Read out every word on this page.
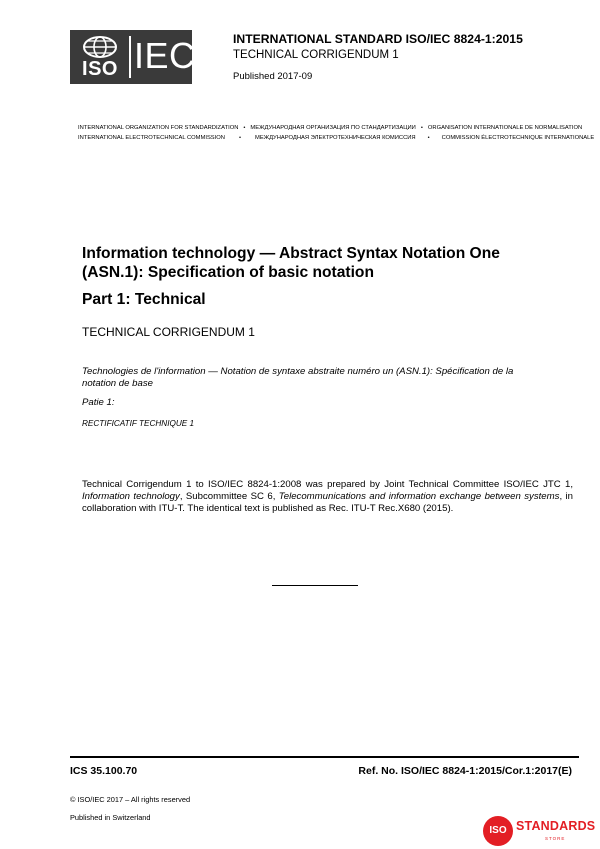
ISO IEC	INTERNATIONAL STANDARD ISO/IEC 8824-1:2015
TECHNICAL CORRIGENDUM 1
Published 2017-09
INTERNATIONAL ORGANIZATION FOR STANDARDIZATION • МЕЖДУНАРОДНАЯ ОРГАНИЗАЦИЯ ПО СТАНДАРТИЗАЦИИ • ORGANISATION INTERNATIONALE DE NORMALISATION
INTERNATIONAL ELECTROTECHNICAL COMMISSION • МЕЖДУНАРОДНАЯ ЭЛЕКТРОТЕХНИЧЕСКАЯ КОМИССИЯ • COMMISSION ÉLECTROTECHNIQUE INTERNATIONALE
Information technology — Abstract Syntax Notation One
(ASN.1): Specification of basic notation
Part 1: Technical
TECHNICAL CORRIGENDUM 1
Technologies de l'information — Notation de syntaxe abstraite numéro un (ASN.1): Spécification de la
notation de base
Patie 1:
RECTIFICATIF TECHNIQUE 1
Technical Corrigendum 1 to ISO/IEC 8824-1:2008 was prepared by Joint Technical Committee ISO/IEC JTC 1, Information technology, Subcommittee SC 6, Telecommunications and information exchange between systems, in collaboration with ITU-T. The identical text is published as Rec. ITU-T Rec.X680 (2015).
ICS 35.100.70	Ref. No. ISO/IEC 8824-1:2015/Cor.1:2017(E)
© ISO/IEC 2017 – All rights reserved
Published in Switzerland
ISO STANDARDS
STORE
